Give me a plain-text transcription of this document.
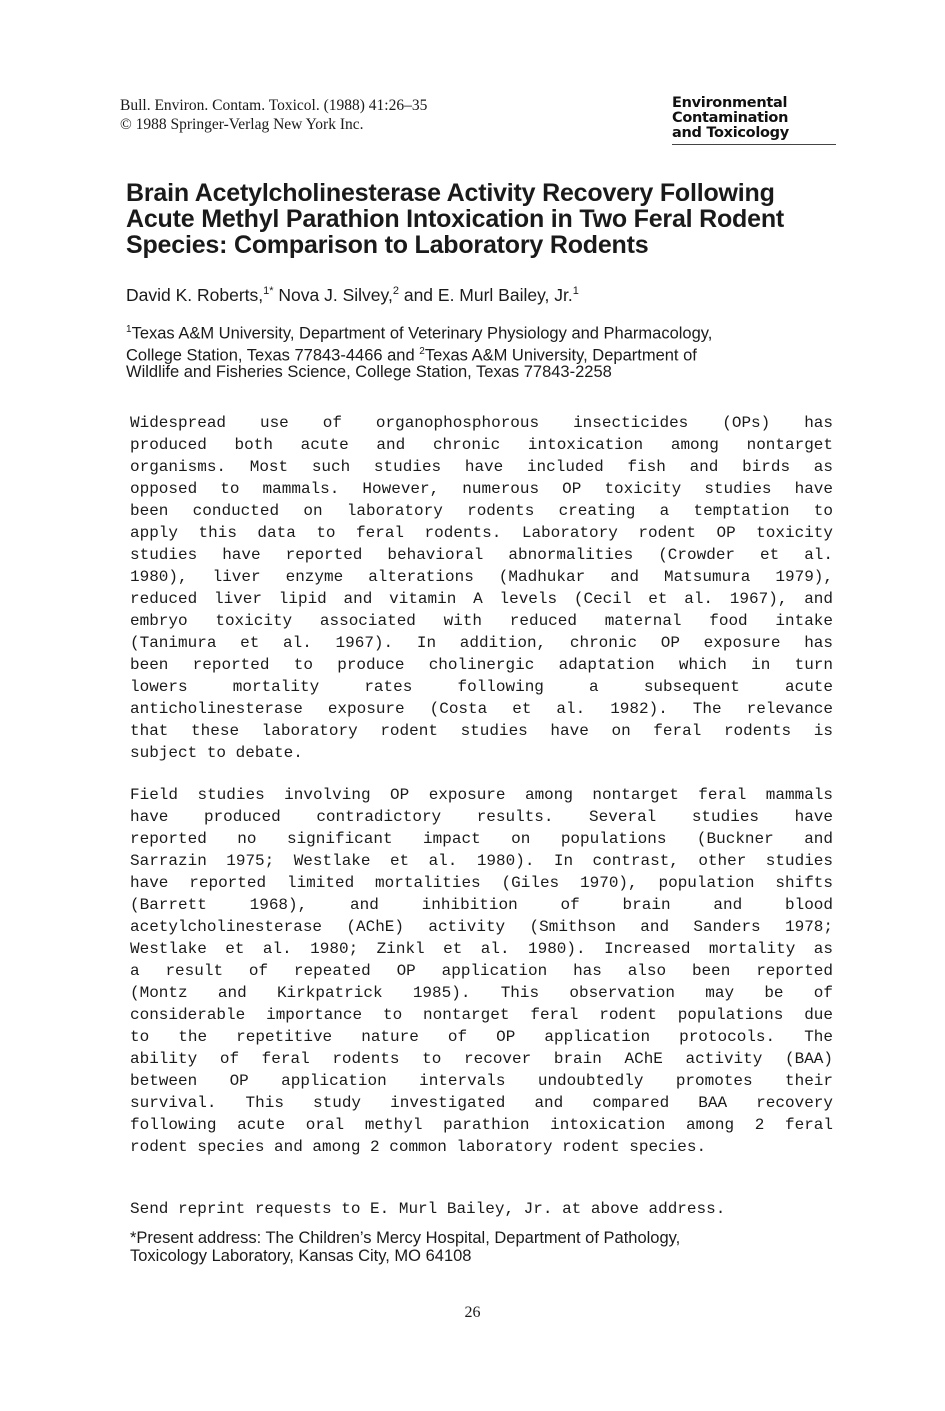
Bull. Environ. Contam. Toxicol. (1988) 41:26–35
© 1988 Springer-Verlag New York Inc.
Environmental
Contamination
and Toxicology
Brain Acetylcholinesterase Activity Recovery Following
Acute Methyl Parathion Intoxication in Two Feral Rodent
Species: Comparison to Laboratory Rodents
David K. Roberts,$^{1*}$ Nova J. Silvey,$^2$ and E. Murl Bailey, Jr.$^1$
$^1$Texas A&M University, Department of Veterinary Physiology and Pharmacology,
College Station, Texas 77843-4466 and $^2$Texas A&M University, Department of
Wildlife and Fisheries Science, College Station, Texas 77843-2258
Widespread use of organophosphorous insecticides (OPs) has
produced both acute and chronic intoxication among nontarget
organisms. Most such studies have included fish and birds as
opposed to mammals. However, numerous OP toxicity studies have
been conducted on laboratory rodents creating a temptation to
apply this data to feral rodents. Laboratory rodent OP toxicity
studies have reported behavioral abnormalities (Crowder et al.
1980), liver enzyme alterations (Madhukar and Matsumura 1979),
reduced liver lipid and vitamin A levels (Cecil et al. 1967), and
embryo toxicity associated with reduced maternal food intake
(Tanimura et al. 1967). In addition, chronic OP exposure has
been reported to produce cholinergic adaptation which in turn
lowers mortality rates following a subsequent acute
anticholinesterase exposure (Costa et al. 1982). The relevance
that these laboratory rodent studies have on feral rodents is
subject to debate.
Field studies involving OP exposure among nontarget feral mammals
have produced contradictory results. Several studies have
reported no significant impact on populations (Buckner and
Sarrazin 1975; Westlake et al. 1980). In contrast, other studies
have reported limited mortalities (Giles 1970), population shifts
(Barrett 1968), and inhibition of brain and blood
acetylcholinesterase (AChE) activity (Smithson and Sanders 1978;
Westlake et al. 1980; Zinkl et al. 1980). Increased mortality as
a result of repeated OP application has also been reported
(Montz and Kirkpatrick 1985). This observation may be of
considerable importance to nontarget feral rodent populations due
to the repetitive nature of OP application protocols. The
ability of feral rodents to recover brain AChE activity (BAA)
between OP application intervals undoubtedly promotes their
survival. This study investigated and compared BAA recovery
following acute oral methyl parathion intoxication among 2 feral
rodent species and among 2 common laboratory rodent species.
Send reprint requests to E. Murl Bailey, Jr. at above address.
*Present address: The Children’s Mercy Hospital, Department of Pathology,
Toxicology Laboratory, Kansas City, MO 64108
26
